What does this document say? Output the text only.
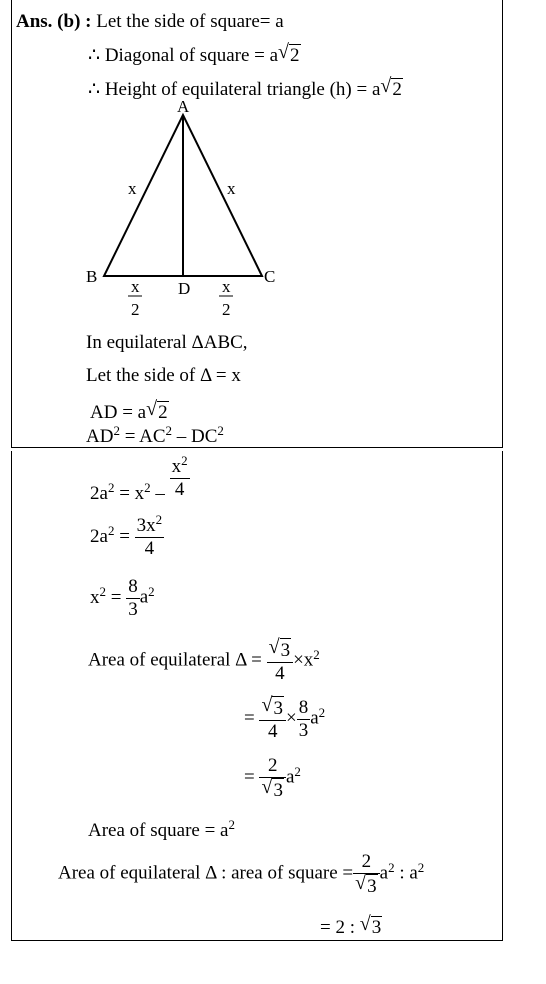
Ans. (b) : Let the side of square= a
∴ Diagonal of square = a √ 2
∴ Height of equilateral triangle (h) = a √ 2
A
B	C
D
x	x
x
2
x
2
In equilateral ΔABC,
Let the side of Δ = x
AD = a √ 2
$AD^2 = AC^2 - DC^2$
$2a^2 = x^2 - \frac{x^2}{4}$
$2a^2 = \frac{3x^2}{4}$
$x^2 = \frac{8}{3} a^2$
Area of equilateral Δ = √ $\frac{3}{4} \times x^2$
= √ $\frac{3}{4} \times \frac{8}{3} a^2$
= 2
√ 3 $a^2$
Area of square = $a^2$
Area of equilateral Δ : area of square = 2
√ 3 $a^2$ : $a^2$
= 2 : √ 3
